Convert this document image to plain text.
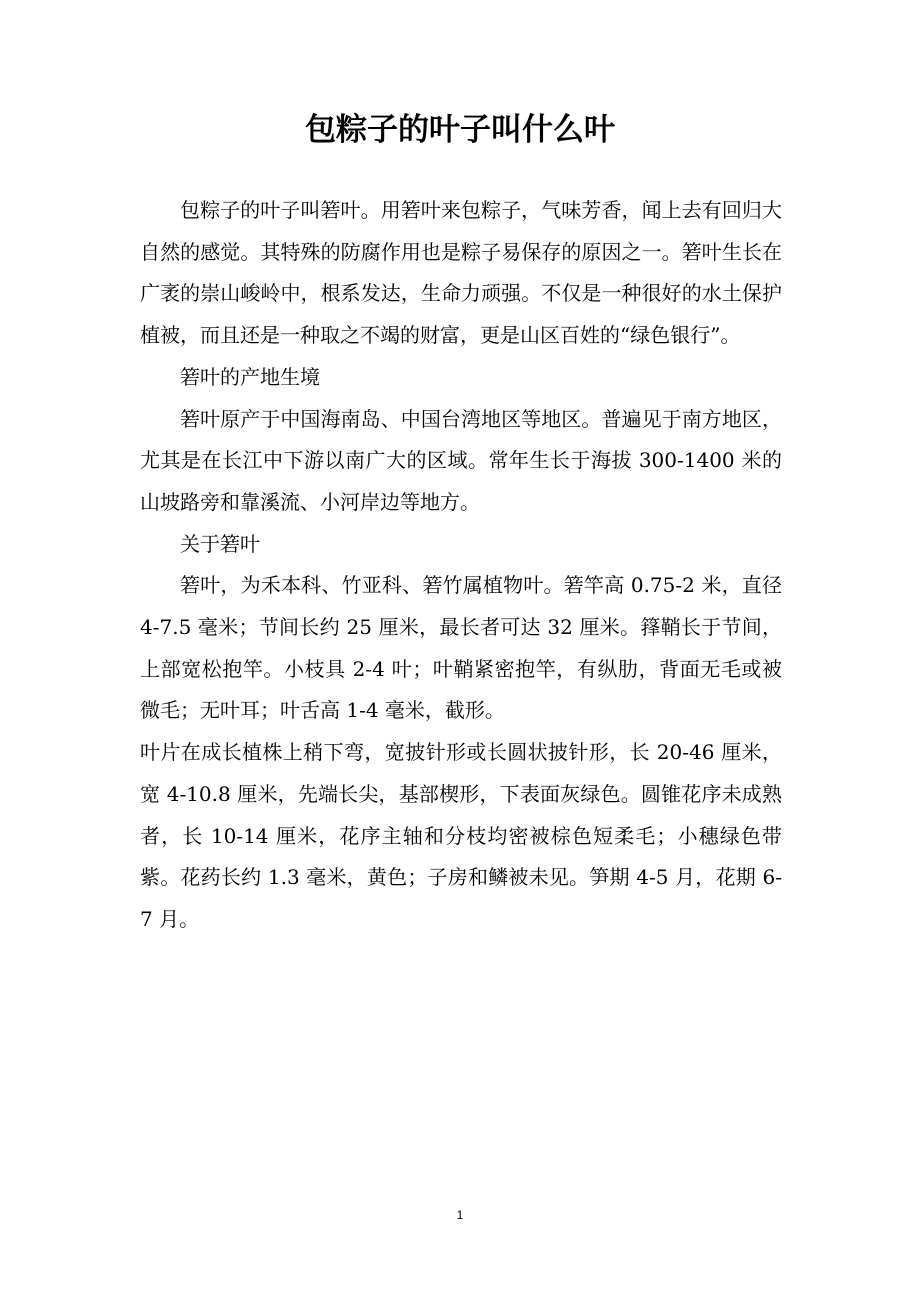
包粽子的叶子叫什么叶

包粽子的叶子叫箬叶。用箬叶来包粽子，气味芳香，闻上去有回归大自然的感觉。其特殊的防腐作用也是粽子易保存的原因之一。箬叶生长在广袤的崇山峻岭中，根系发达，生命力顽强。不仅是一种很好的水土保护植被，而且还是一种取之不竭的财富，更是山区百姓的“绿色银行”。

箬叶的产地生境

箬叶原产于中国海南岛、中国台湾地区等地区。普遍见于南方地区，尤其是在长江中下游以南广大的区域。常年生长于海拔 300-1400 米的山坡路旁和靠溪流、小河岸边等地方。

关于箬叶

箬叶，为禾本科、竹亚科、箬竹属植物叶。箬竿高 0.75-2 米，直径 4-7.5 毫米；节间长约 25 厘米，最长者可达 32 厘米。箨鞘长于节间，上部宽松抱竿。小枝具 2-4 叶；叶鞘紧密抱竿，有纵肋，背面无毛或被微毛；无叶耳；叶舌高 1-4 毫米，截形。

叶片在成长植株上稍下弯，宽披针形或长圆状披针形，长 20-46 厘米，宽 4-10.8 厘米，先端长尖，基部楔形，下表面灰绿色。圆锥花序未成熟者，长 10-14 厘米，花序主轴和分枝均密被棕色短柔毛；小穗绿色带紫。花药长约 1.3 毫米，黄色；子房和鳞被未见。笋期 4-5 月，花期 6-7 月。

1
